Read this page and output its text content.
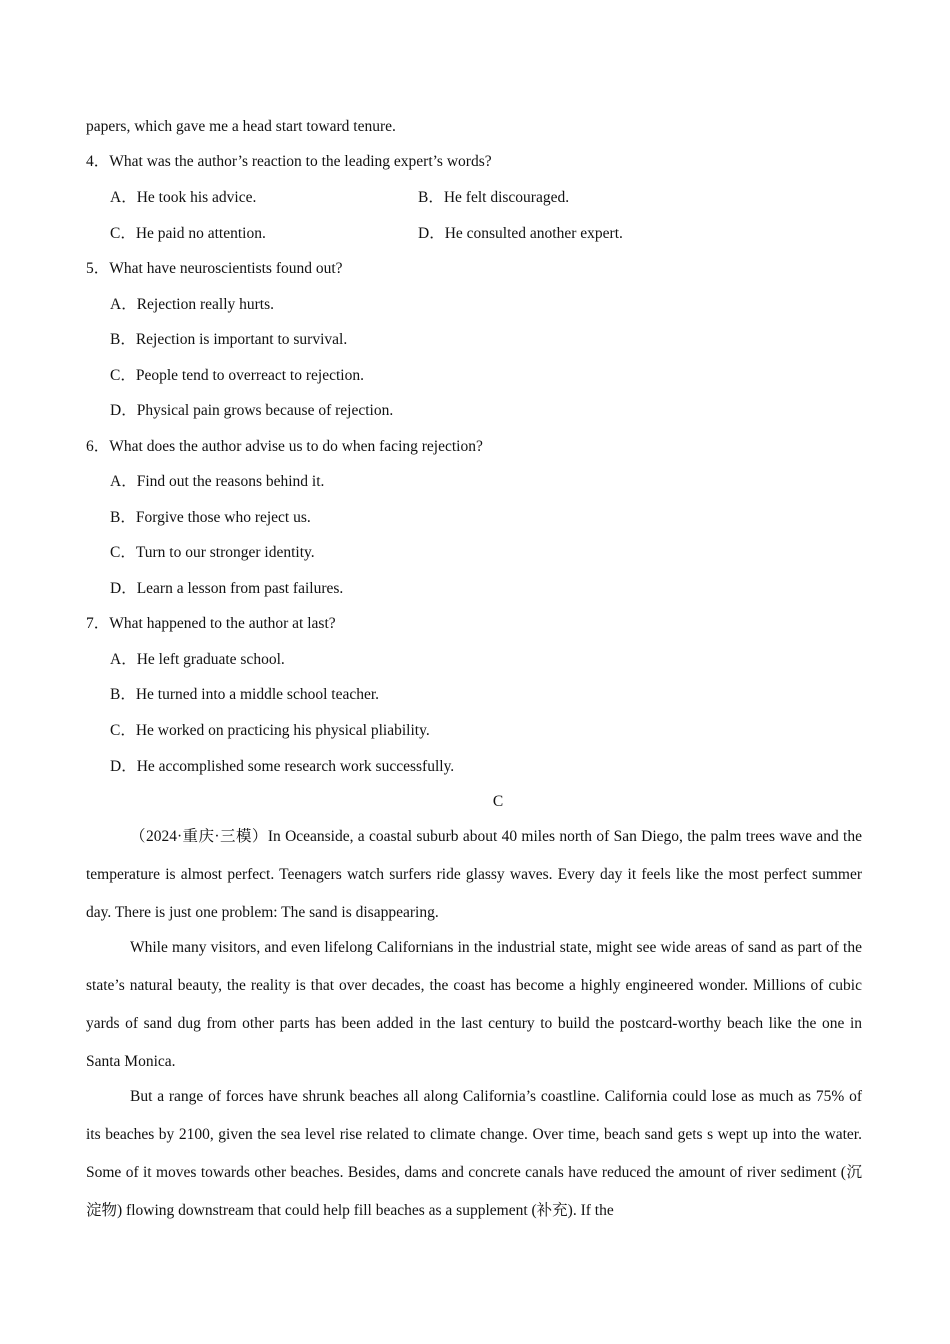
papers, which gave me a head start toward tenure.
4．What was the author’s reaction to the leading expert’s words?
A．He took his advice.	B．He felt discouraged.
C．He paid no attention.	D．He consulted another expert.
5．What have neuroscientists found out?
A．Rejection really hurts.
B．Rejection is important to survival.
C．People tend to overreact to rejection.
D．Physical pain grows because of rejection.
6．What does the author advise us to do when facing rejection?
A．Find out the reasons behind it.
B．Forgive those who reject us.
C．Turn to our stronger identity.
D．Learn a lesson from past failures.
7．What happened to the author at last?
A．He left graduate school.
B．He turned into a middle school teacher.
C．He worked on practicing his physical pliability.
D．He accomplished some research work successfully.
C
（2024·重庆·三模）In Oceanside, a coastal suburb about 40 miles north of San Diego, the palm trees wave and the temperature is almost perfect. Teenagers watch surfers ride glassy waves. Every day it feels like the most perfect summer day. There is just one problem: The sand is disappearing.
While many visitors, and even lifelong Californians in the industrial state, might see wide areas of sand as part of the state’s natural beauty, the reality is that over decades, the coast has become a highly engineered wonder. Millions of cubic yards of sand dug from other parts has been added in the last century to build the postcard-worthy beach like the one in Santa Monica.
But a range of forces have shrunk beaches all along California’s coastline. California could lose as much as 75% of its beaches by 2100, given the sea level rise related to climate change. Over time, beach sand gets s wept up into the water. Some of it moves towards other beaches. Besides, dams and concrete canals have reduced the amount of river sediment (沉淀物) flowing downstream that could help fill beaches as a supplement (补充). If the
